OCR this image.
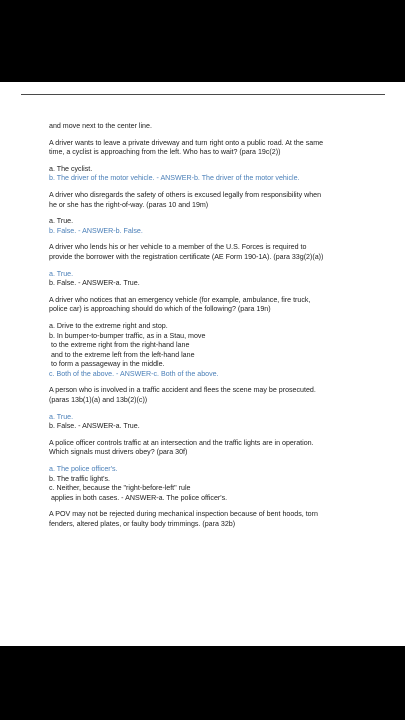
and move next to the center line.

A driver wants to leave a private driveway and turn right onto a public road. At the same

time, a cyclist is approaching from the left. Who has to wait? (para 19c(2))

a. The cyclist.

b. The driver of the motor vehicle. - ANSWER-b. The driver of the motor vehicle.

A driver who disregards the safety of others is excused legally from responsibility when

he or she has the right-of-way. (paras 10 and 19m)

a. True.

b. False. - ANSWER-b. False.

A driver who lends his or her vehicle to a member of the U.S. Forces is required to

provide the borrower with the registration certificate (AE Form 190-1A). (para 33g(2)(a))

a. True.

b. False. - ANSWER-a. True.

A driver who notices that an emergency vehicle (for example, ambulance, fire truck,

police car) is approaching should do which of the following? (para 19n)

a. Drive to the extreme right and stop.

b. In bumper-to-bumper traffic, as in a Stau, move

to the extreme right from the right-hand lane

and to the extreme left from the left-hand lane

to form a passageway in the middle.

c. Both of the above. - ANSWER-c. Both of the above.

A person who is involved in a traffic accident and flees the scene may be prosecuted.

(paras 13b(1)(a) and 13b(2)(c))

a. True.

b. False. - ANSWER-a. True.

A police officer controls traffic at an intersection and the traffic lights are in operation.

Which signals must drivers obey? (para 30f)

a. The police officer's.

b. The traffic light's.

c. Neither, because the "right-before-left" rule

applies in both cases. - ANSWER-a. The police officer's.

A POV may not be rejected during mechanical inspection because of bent hoods, torn

fenders, altered plates, or faulty body trimmings. (para 32b)
